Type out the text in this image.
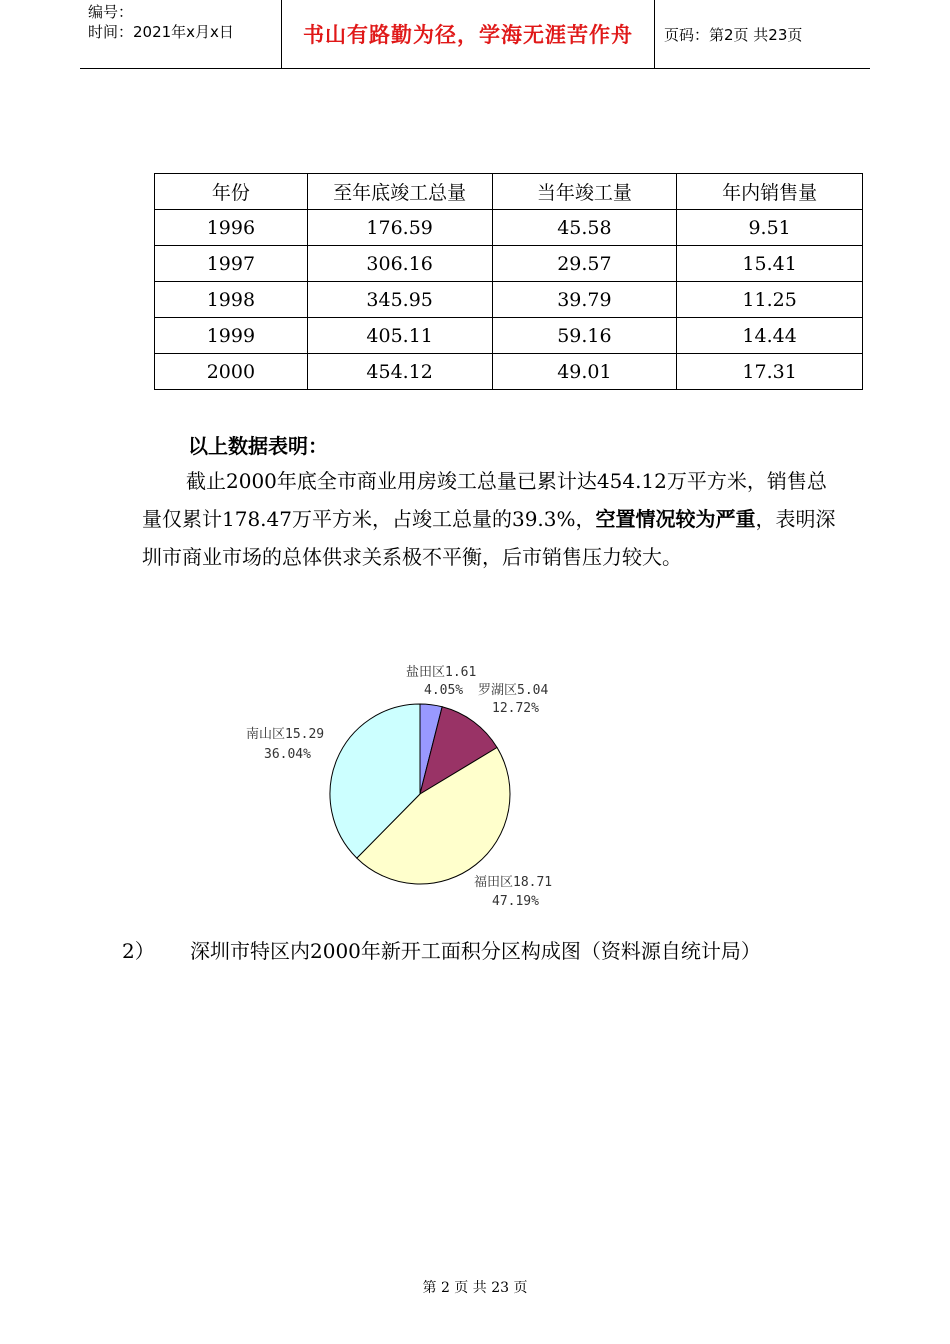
编号：
时间：2021年x月x日	书山有路勤为径，学海无涯苦作舟	页码：第2页 共23页
年份	至年底竣工总量	当年竣工量	年内销售量
1996	176.59	45.58	9.51
1997	306.16	29.57	15.41
1998	345.95	39.79	11.25
1999	405.11	59.16	14.44
2000	454.12	49.01	17.31
以上数据表明：
截止2000年底全市商业用房竣工总量已累计达454.12万平方米，销售总量仅累计178.47万平方米，占竣工总量的39.3%，空置情况较为严重，表明深圳市商业市场的总体供求关系极不平衡，后市销售压力较大。
盐田区1.61
4.05% 罗湖区5.04
12.72%
福田区18.71
47.19%
南山区15.29
36.04%
2） 深圳市特区内2000年新开工面积分区构成图（资料源自统计局）
第 2 页 共 23 页
